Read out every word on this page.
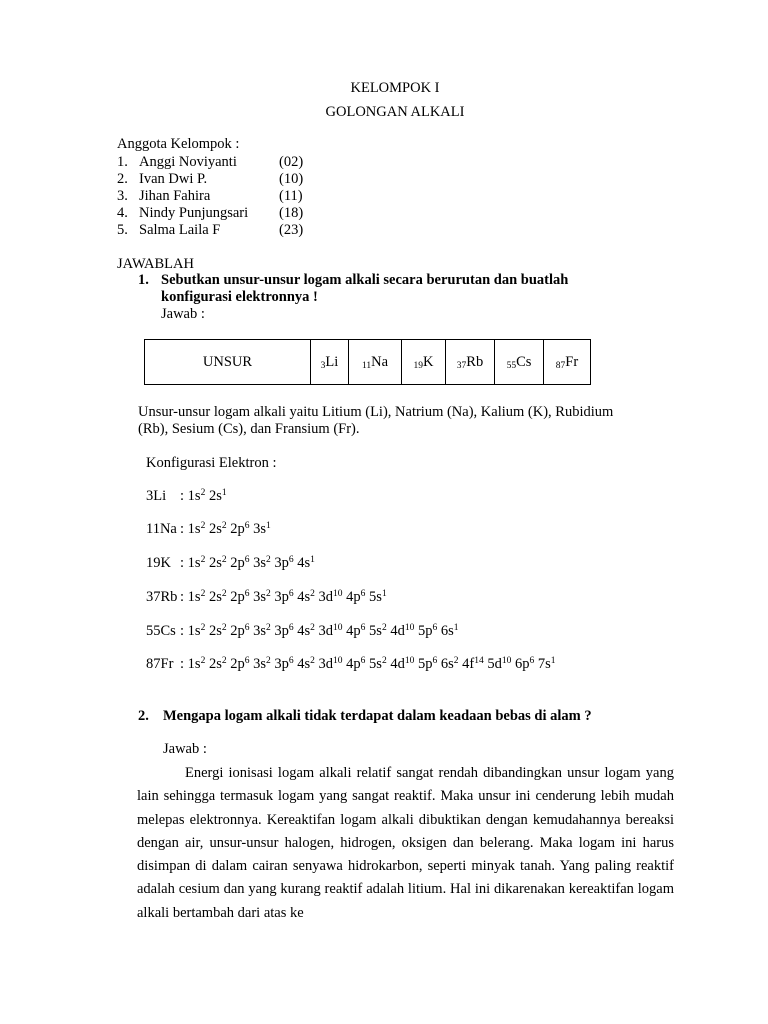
KELOMPOK I
GOLONGAN ALKALI
Anggota Kelompok :
1. Anggi Noviyanti	(02)
2. Ivan Dwi P.	(10)
3. Jihan Fahira	(11)
4. Nindy Punjungsari (18)
5. Salma Laila F	(23)
JAWABLAH
1. Sebutkan unsur-unsur logam alkali secara berurutan dan buatlah
konfigurasi elektronnya !
Jawab :
UNSUR	3Li	11Na	19K	37Rb	55Cs	87Fr
Unsur-unsur logam alkali yaitu Litium (Li), Natrium (Na), Kalium (K), Rubidium
(Rb), Sesium (Cs), dan Fransium (Fr).
Konfigurasi Elektron :
3Li : $1s^2$ $2s^1$
11Na : $1s^2$ $2s^2$ $2p^6$ $3s^1$
19K : $1s^2$ $2s^2$ $2p^6$ $3s^2$ $3p^6$ $4s^1$
37Rb : $1s^2$ $2s^2$ $2p^6$ $3s^2$ $3p^6$ $4s^2$ $3d^{10}$ $4p^6$ $5s^1$
55Cs : $1s^2$ $2s^2$ $2p^6$ $3s^2$ $3p^6$ $4s^2$ $3d^{10}$ $4p^6$ $5s^2$ $4d^{10}$ $5p^6$ $6s^1$
87Fr : $1s^2$ $2s^2$ $2p^6$ $3s^2$ $3p^6$ $4s^2$ $3d^{10}$ $4p^6$ $5s^2$ $4d^{10}$ $5p^6$ $6s^2$ $4f^{14}$ $5d^{10}$ $6p^6$ $7s^1$
2. Mengapa logam alkali tidak terdapat dalam keadaan bebas di alam ?
Jawab :

Energi ionisasi logam alkali relatif sangat rendah dibandingkan unsur logam yang lain sehingga termasuk logam yang sangat reaktif. Maka unsur ini cenderung lebih mudah melepas elektronnya. Kereaktifan logam alkali dibuktikan dengan kemudahannya bereaksi dengan air, unsur-unsur halogen, hidrogen, oksigen dan belerang. Maka logam ini harus disimpan di dalam cairan senyawa hidrokarbon, seperti minyak tanah. Yang paling reaktif adalah cesium dan yang kurang reaktif adalah litium. Hal ini dikarenakan kereaktifan logam alkali bertambah dari atas ke
